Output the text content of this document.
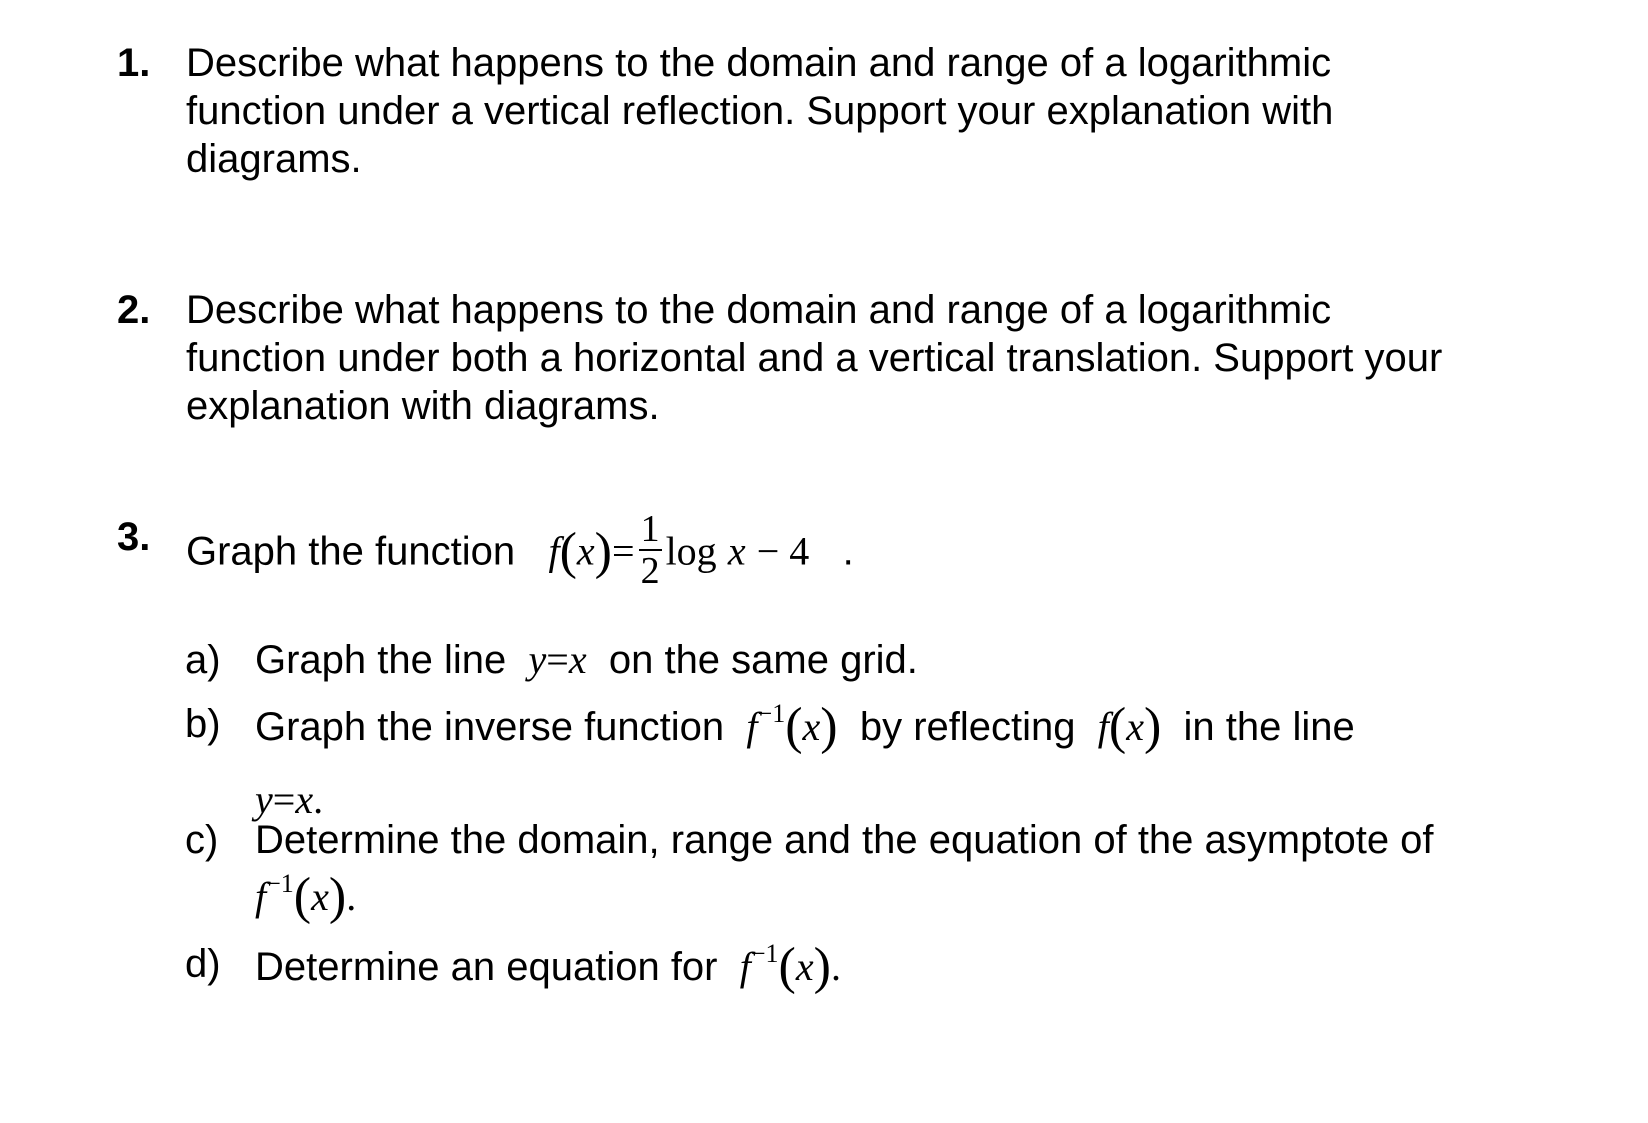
1. Describe what happens to the domain and range of a logarithmic
function under a vertical reflection. Support your explanation with
diagrams.
2. Describe what happens to the domain and range of a logarithmic
function under both a horizontal and a vertical translation. Support your
explanation with diagrams.
3. Graph the function $f(x)= \frac{1}{2}$ log x − 4 .
a) Graph the line y=x on the same grid.
b) Graph the inverse function $f^{-1}(x)$ by reflecting f(x) in the line
y=x.
c) Determine the domain, range and the equation of the asymptote of
$f^{-1}(x)$.
d) Determine an equation for $f^{-1}(x)$.
